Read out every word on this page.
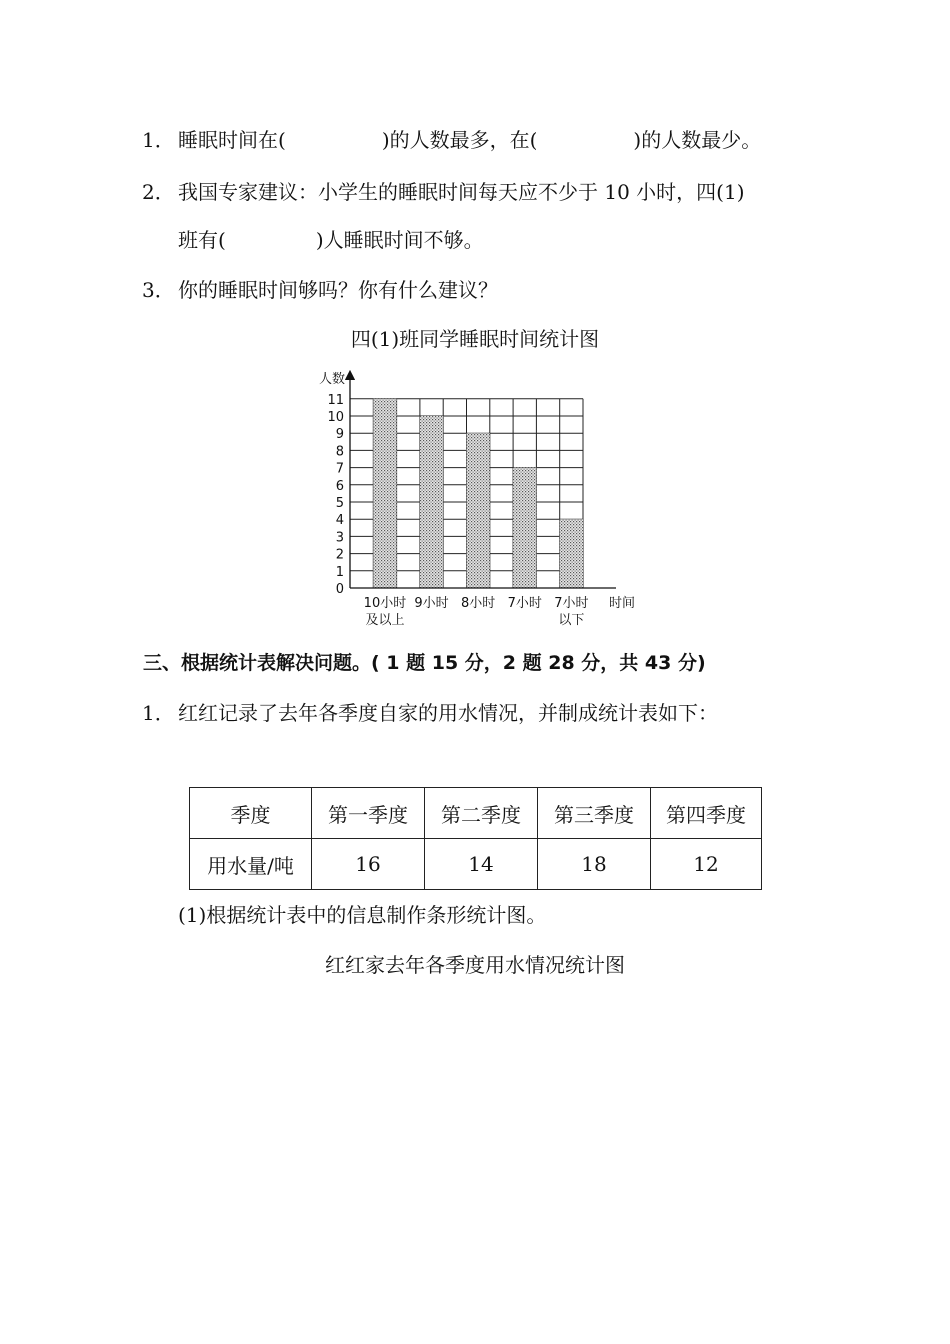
1． 睡眠时间在(	)的人数最多，在(	)的人数最少。
2． 我国专家建议：小学生的睡眠时间每天应不少于 10 小时，四(1)
班有(	)人睡眠时间不够。
3． 你的睡眠时间够吗？你有什么建议？
四(1)班同学睡眠时间统计图
0
1
2
3
4
5
6
7
8
9
10
11
人数
10小时
及以上
9小时 8小时 7小时 7小时
以下
时间
三、根据统计表解决问题。( 1 题 15 分，2 题 28 分，共 43 分)
1． 红红记录了去年各季度自家的用水情况，并制成统计表如下：
季度	第一季度	第二季度	第三季度	第四季度
用水量/吨	16	14	18	12
(1)根据统计表中的信息制作条形统计图。
红红家去年各季度用水情况统计图
